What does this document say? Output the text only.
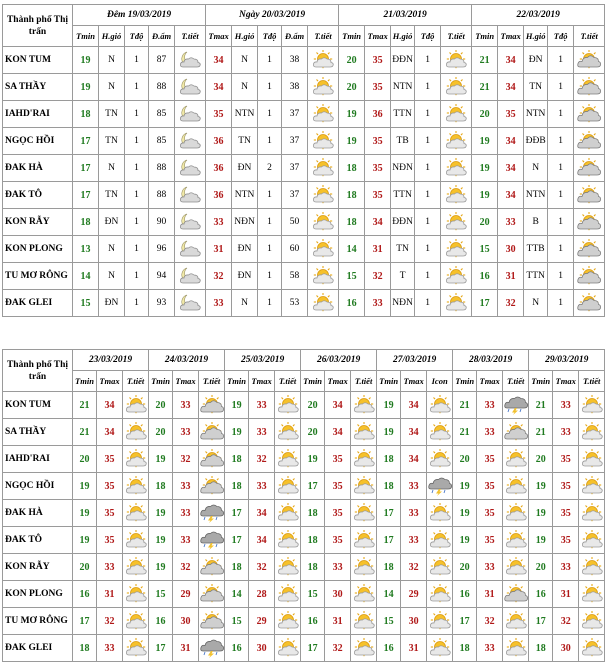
Thành phố Thị trấn	Đêm 19/03/2019					Ngày 20/03/2019					21/03/2019					22/03/2019				
	Tmin	H.gió	Tđộ	Đ.ẩm	T.tiết	Tmax	H.gió	Tđộ	Đ.ẩm	T.tiết	Tmin	Tmax	H.gió	Tđộ	T.tiết	Tmin	Tmax	H.gió	Tđộ	T.tiết
KON TUM	19	N	1	87		34	N	1	38		20	35	ĐĐN	1		21	34	ĐN	1	

SA THẦY	19	N	1	88		34	N	1	38		20	35	NTN	1		21	34	TN	1	

IAHD'RAI	18	TN	1	85		35	NTN	1	37		19	36	TTN	1		20	35	NTN	1	

NGỌC HỒI	17	TN	1	85		36	TN	1	37		19	35	TB	1		19	34	ĐĐB	1	

ĐAK HÀ	17	N	1	88		36	ĐN	2	37		18	35	NĐN	1		19	34	N	1	

ĐAK TÔ	17	TN	1	88		36	NTN	1	37		18	35	TTN	1		19	34	NTN	1	

KON RẪY	18	ĐN	1	90		33	NĐN	1	50		18	34	ĐĐN	1		20	33	B	1	

KON PLONG	13	N	1	96		31	ĐN	1	60		14	31	TN	1		15	30	TTB	1	

TU MƠ RÔNG	14	N	1	94		32	ĐN	1	58		15	32	T	1		16	31	TTN	1	

ĐAK GLEI	15	ĐN	1	93		33	N	1	53		16	33	NĐN	1		17	32	N	1	
Thành phố Thị trấn	23/03/2019			24/03/2019			25/03/2019			26/03/2019			27/03/2019			28/03/2019			29/03/2019		
	Tmin	Tmax	T.tiết	Tmin	Tmax	T.tiết	Tmin	Tmax	T.tiết	Tmin	Tmax	T.tiết	Tmin	Tmax	Icon	Tmin	Tmax	T.tiết	Tmin	Tmax	T.tiết
KON TUM	21	34		20	33		19	33		20	34		19	34		21	33		21	33	

SA THẦY	21	34		20	33		19	33		20	34		19	34		21	33		21	33	

IAHD'RAI	20	35		19	32		18	32		19	35		18	34		20	35		20	35	

NGỌC HỒI	19	35		18	33		18	33		17	35		18	33		19	35		19	35	

ĐAK HÀ	19	35		19	33		17	34		18	35		17	33		19	35		19	35	

ĐAK TÔ	19	35		19	33		17	34		18	35		17	33		19	35		19	35	

KON RẪY	20	33		19	32		18	32		18	33		18	32		20	33		20	33	

KON PLONG	16	31		15	29		14	28		15	30		14	29		16	31		16	31	

TU MƠ RÔNG	17	32		16	30		15	29		16	31		15	30		17	32		17	32	

ĐAK GLEI	18	33		17	31		16	30		17	32		16	31		18	33		18	30	
